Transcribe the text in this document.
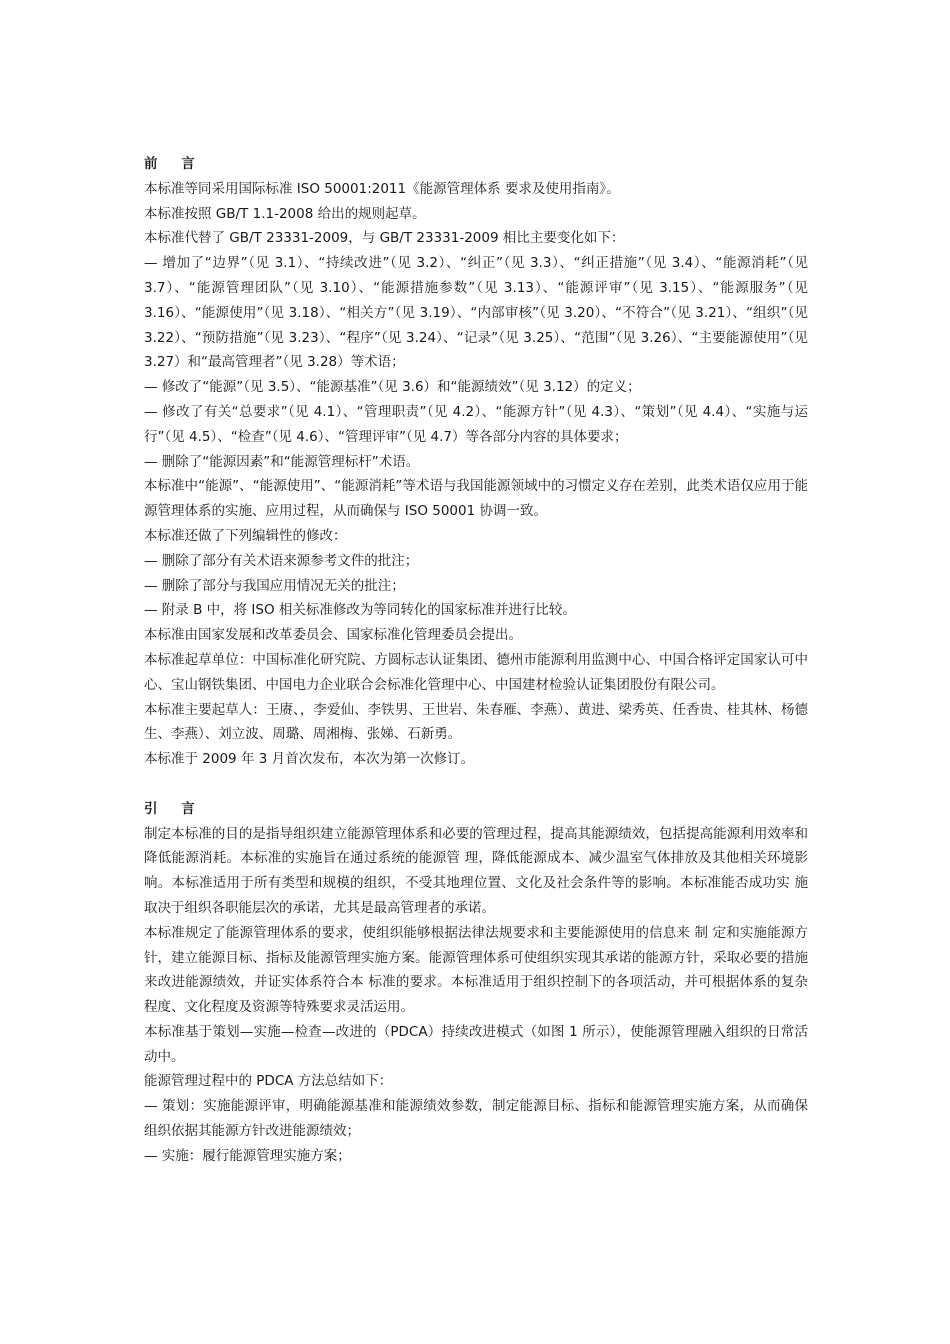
前    言

本标准等同采用国际标准 ISO 50001:2011《能源管理体系 要求及使用指南》。

本标准按照 GB/T 1.1-2008 给出的规则起草。

本标准代替了 GB/T 23331-2009，与 GB/T 23331-2009 相比主要变化如下：

— 增加了“边界”（见 3.1）、“持续改进”（见 3.2）、“纠正”（见 3.3）、“纠正措施”（见 3.4）、“能源消耗”（见 3.7）、“能源管理团队”（见 3.10）、“能源措施参数”（见 3.13）、“能源评审”（见 3.15）、“能源服务”（见 3.16）、“能源使用”（见 3.18）、“相关方”（见 3.19）、“内部审核”（见 3.20）、“不符合”（见 3.21）、“组织”（见 3.22）、“预防措施”（见 3.23）、“程序”（见 3.24）、“记录”（见 3.25）、“范围”（见 3.26）、“主要能源使用”（见 3.27）和“最高管理者”（见 3.28）等术语；

— 修改了“能源”（见 3.5）、“能源基准”（见 3.6）和“能源绩效”（见 3.12）的定义；

— 修改了有关“总要求”（见 4.1）、“管理职责”（见 4.2）、“能源方针”（见 4.3）、“策划”（见 4.4）、“实施与运行”（见 4.5）、“检查”（见 4.6）、“管理评审”（见 4.7）等各部分内容的具体要求；

— 删除了“能源因素”和“能源管理标杆”术语。

本标准中“能源”、“能源使用”、“能源消耗”等术语与我国能源领域中的习惯定义存在差别，此类术语仅应用于能源管理体系的实施、应用过程，从而确保与 ISO 50001 协调一致。

本标准还做了下列编辑性的修改：

— 删除了部分有关术语来源参考文件的批注；

— 删除了部分与我国应用情况无关的批注；

— 附录 B 中，将 ISO 相关标准修改为等同转化的国家标准并进行比较。

本标准由国家发展和改革委员会、国家标准化管理委员会提出。

本标准起草单位：中国标准化研究院、方圆标志认证集团、德州市能源利用监测中心、中国合格评定国家认可中心、宝山钢铁集团、中国电力企业联合会标准化管理中心、中国建材检验认证集团股份有限公司。

本标准主要起草人：王赓、，李爱仙、李铁男、王世岩、朱春雁、李燕）、黄进、梁秀英、任香贵、桂其林、杨德生、李燕）、刘立波、周璐、周湘梅、张娣、石新勇。

本标准于 2009 年 3 月首次发布，本次为第一次修订。

引    言

制定本标准的目的是指导组织建立能源管理体系和必要的管理过程，提高其能源绩效，包括提高能源利用效率和降低能源消耗。本标准的实施旨在通过系统的能源管 理，降低能源成本、减少温室气体排放及其他相关环境影响。本标准适用于所有类型和规模的组织，不受其地理位置、文化及社会条件等的影响。本标准能否成功实 施取决于组织各职能层次的承诺，尤其是最高管理者的承诺。

本标准规定了能源管理体系的要求，使组织能够根据法律法规要求和主要能源使用的信息来 制 定和实施能源方针，建立能源目标、指标及能源管理实施方案。能源管理体系可使组织实现其承诺的能源方针，采取必要的措施来改进能源绩效，并证实体系符合本 标准的要求。本标准适用于组织控制下的各项活动，并可根据体系的复杂程度、文化程度及资源等特殊要求灵活运用。

本标准基于策划—实施—检查—改进的（PDCA）持续改进模式（如图 1 所示），使能源管理融入组织的日常活动中。

能源管理过程中的 PDCA 方法总结如下：

— 策划：实施能源评审，明确能源基准和能源绩效参数，制定能源目标、指标和能源管理实施方案，从而确保组织依据其能源方针改进能源绩效；

— 实施：履行能源管理实施方案；
